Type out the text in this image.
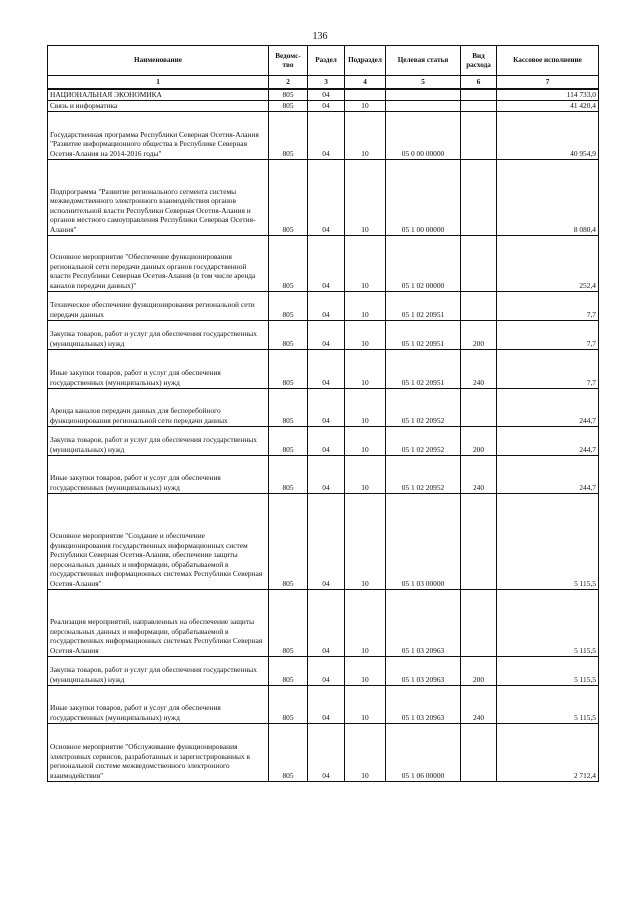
136
Наименование	Ведомс-тво	Раздел	Подраздел	Целевая статья	Вид расхода	Кассовое исполнение
1	2	3	4	5	6	7
НАЦИОНАЛЬНАЯ ЭКОНОМИКА	805	04				114 733,0
Связь и информатика	805	04	10			41 420,4
Государственная программа Республики Северная Осетия-Алания "Развитие информационного общества в Республике Северная Осетия-Алания на 2014-2016 годы"	805	04	10	05 0 00 00000		40 954,9
Подпрограмма "Развитие регионального сегмента системы межведомственного электронного взаимодействия органов исполнительной власти Республики Северная Осетия-Алания и органов местного самоуправления Республики Северная Осетия-Алания"	805	04	10	05 1 00 00000		8 080,4
Основное мероприятие "Обеспечение функционирования региональной сети передачи данных органов государственной власти Республики Северная Осетия-Алания (в том числе аренда каналов передачи данных)"	805	04	10	05 1 02 00000		252,4
Техническое обеспечение функционирования региональной сети передачи данных	805	04	10	05 1 02 20951		7,7
Закупка товаров, работ и услуг для обеспечения государственных (муниципальных) нужд	805	04	10	05 1 02 20951	200	7,7
Иные закупки товаров, работ и услуг для обеспечения государственных (муниципальных) нужд	805	04	10	05 1 02 20951	240	7,7
Аренда каналов передачи данных для бесперебойного функционирования региональной сети передачи данных	805	04	10	05 1 02 20952		244,7
Закупка товаров, работ и услуг для обеспечения государственных (муниципальных) нужд	805	04	10	05 1 02 20952	200	244,7
Иные закупки товаров, работ и услуг для обеспечения государственных (муниципальных) нужд	805	04	10	05 1 02 20952	240	244,7
Основное мероприятие "Создание и обеспечение функционирования государственных информационных систем Республики Северная Осетия-Алания, обеспечение защиты персональных данных и информации, обрабатываемой в государственных информационных системах Республики Северная Осетия-Алания"	805	04	10	05 1 03 00000		5 115,5
Реализация мероприятий, направленных на обеспечение защиты персональных данных и информации, обрабатываемой в государственных информационных системах Республики Северная Осетия-Алания	805	04	10	05 1 03 20963		5 115,5
Закупка товаров, работ и услуг для обеспечения государственных (муниципальных) нужд	805	04	10	05 1 03 20963	200	5 115,5
Иные закупки товаров, работ и услуг для обеспечения государственных (муниципальных) нужд	805	04	10	05 1 03 20963	240	5 115,5
Основное мероприятие "Обслуживание функционирования электронных сервисов, разработанных и зарегистрированных в региональной системе межведомственного электронного взаимодействия"	805	04	10	05 1 06 00000		2 712,4
